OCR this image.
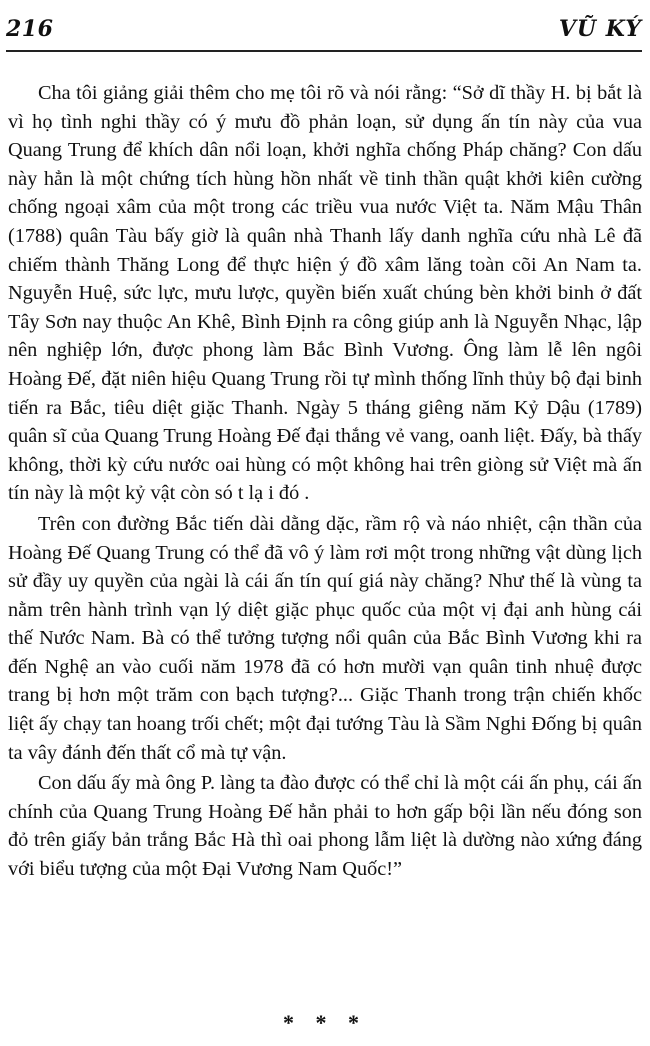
216	VŨ KÝ

Cha tôi giảng giải thêm cho mẹ tôi rõ và nói rằng: “Sở dĩ thầy H. bị bắt là vì họ tình nghi thầy có ý mưu đồ phản loạn, sử dụng ấn tín này của vua Quang Trung để khích dân nổi loạn, khởi nghĩa chống Pháp chăng? Con dấu này hẳn là một chứng tích hùng hồn nhất về tinh thần quật khởi kiên cường chống ngoại xâm của một trong các triều vua nước Việt ta. Năm Mậu Thân (1788) quân Tàu bấy giờ là quân nhà Thanh lấy danh nghĩa cứu nhà Lê đã chiếm thành Thăng Long để thực hiện ý đồ xâm lăng toàn cõi An Nam ta. Nguyễn Huệ, sức lực, mưu lược, quyền biến xuất chúng bèn khởi binh ở đất Tây Sơn nay thuộc An Khê, Bình Định ra công giúp anh là Nguyễn Nhạc, lập nên nghiệp lớn, được phong làm Bắc Bình Vương. Ông làm lễ lên ngôi Hoàng Đế, đặt niên hiệu Quang Trung rồi tự mình thống lĩnh thủy bộ đại binh tiến ra Bắc, tiêu diệt giặc Thanh. Ngày 5 tháng giêng năm Kỷ Dậu (1789) quân sĩ của Quang Trung Hoàng Đế đại thắng vẻ vang, oanh liệt. Đấy, bà thấy không, thời kỳ cứu nước oai hùng có một không hai trên giòng sử Việt mà ấn tín này là một kỷ vật còn só t lạ i đó .

Trên con đường Bắc tiến dài dằng dặc, rầm rộ và náo nhiệt, cận thần của Hoàng Đế Quang Trung có thể đã vô ý làm rơi một trong những vật dùng lịch sử đầy uy quyền của ngài là cái ấn tín quí giá này chăng? Như thế là vùng ta nằm trên hành trình vạn lý diệt giặc phục quốc của một vị đại anh hùng cái thế Nước Nam. Bà có thể tưởng tượng nổi quân của Bắc Bình Vương khi ra đến Nghệ an vào cuối năm 1978 đã có hơn mười vạn quân tinh nhuệ được trang bị hơn một trăm con bạch tượng?... Giặc Thanh trong trận chiến khốc liệt ấy chạy tan hoang trối chết; một đại tướng Tàu là Sầm Nghi Đống bị quân ta vây đánh đến thất cổ mà tự vận.

Con dấu ấy mà ông P. làng ta đào được có thể chỉ là một cái ấn phụ, cái ấn chính của Quang Trung Hoàng Đế hẳn phải to hơn gấp bội lần nếu đóng son đỏ trên giấy bản trắng Bắc Hà thì oai phong lẫm liệt là dường nào xứng đáng với biểu tượng của một Đại Vương Nam Quốc!”

* * *
